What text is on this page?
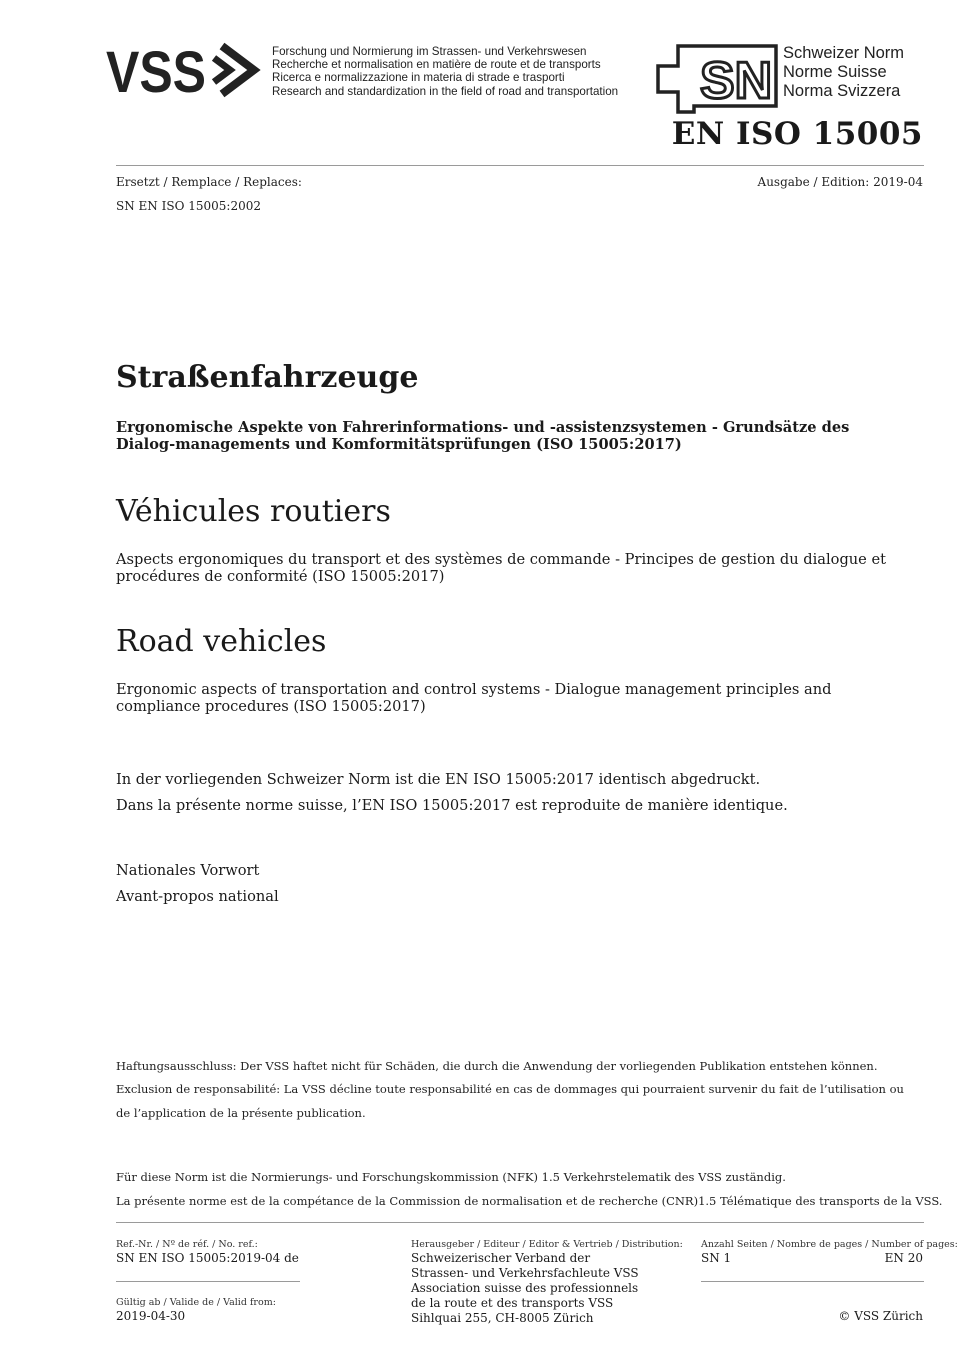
VSS	Forschung und Normierung im Strassen- und Verkehrswesen
Recherche et normalisation en matière de route et de transports
Ricerca e normalizzazione in materia di strade e trasporti
Research and standardization in the field of road and transportation SN Schweizer Norm
Norme Suisse
Norma Svizzera
EN ISO 15005
Ersetzt / Remplace / Replaces:	Ausgabe / Edition: 2019-04
SN EN ISO 15005:2002
Straßenfahrzeuge
Ergonomische Aspekte von Fahrerinformations- und -assistenzsystemen - Grundsätze des Dialog-managements und Komformitätsprüfungen (ISO 15005:2017)
Véhicules routiers
Aspects ergonomiques du transport et des systèmes de commande - Principes de gestion du dialogue et procédures de conformité (ISO 15005:2017)
Road vehicles
Ergonomic aspects of transportation and control systems - Dialogue management principles and compliance procedures (ISO 15005:2017)
In der vorliegenden Schweizer Norm ist die EN ISO 15005:2017 identisch abgedruckt.
Dans la présente norme suisse, l’EN ISO 15005:2017 est reproduite de manière identique.
Nationales Vorwort
Avant-propos national
Haftungsausschluss: Der VSS haftet nicht für Schäden, die durch die Anwendung der vorliegenden Publikation entstehen können.
Exclusion de responsabilité: La VSS décline toute responsabilité en cas de dommages qui pourraient survenir du fait de l’utilisation ou
de l’application de la présente publication.
Für diese Norm ist die Normierungs- und Forschungskommission (NFK) 1.5 Verkehrstelematik des VSS zuständig.
La présente norme est de la compétance de la Commission de normalisation et de recherche (CNR)1.5 Télématique des transports de la VSS.
Ref.-Nr. / Nº de réf. / No. ref.:
SN EN ISO 15005:2019-04 de
Gültig ab / Valide de / Valid from:
2019-04-30
Herausgeber / Editeur / Editor & Vertrieb / Distribution:
Schweizerischer Verband der
Strassen- und Verkehrsfachleute VSS
Association suisse des professionnels
de la route et des transports VSS
Sihlquai 255, CH-8005 Zürich
Anzahl Seiten / Nombre de pages / Number of pages:
SN 1	EN 20
© VSS Zürich
